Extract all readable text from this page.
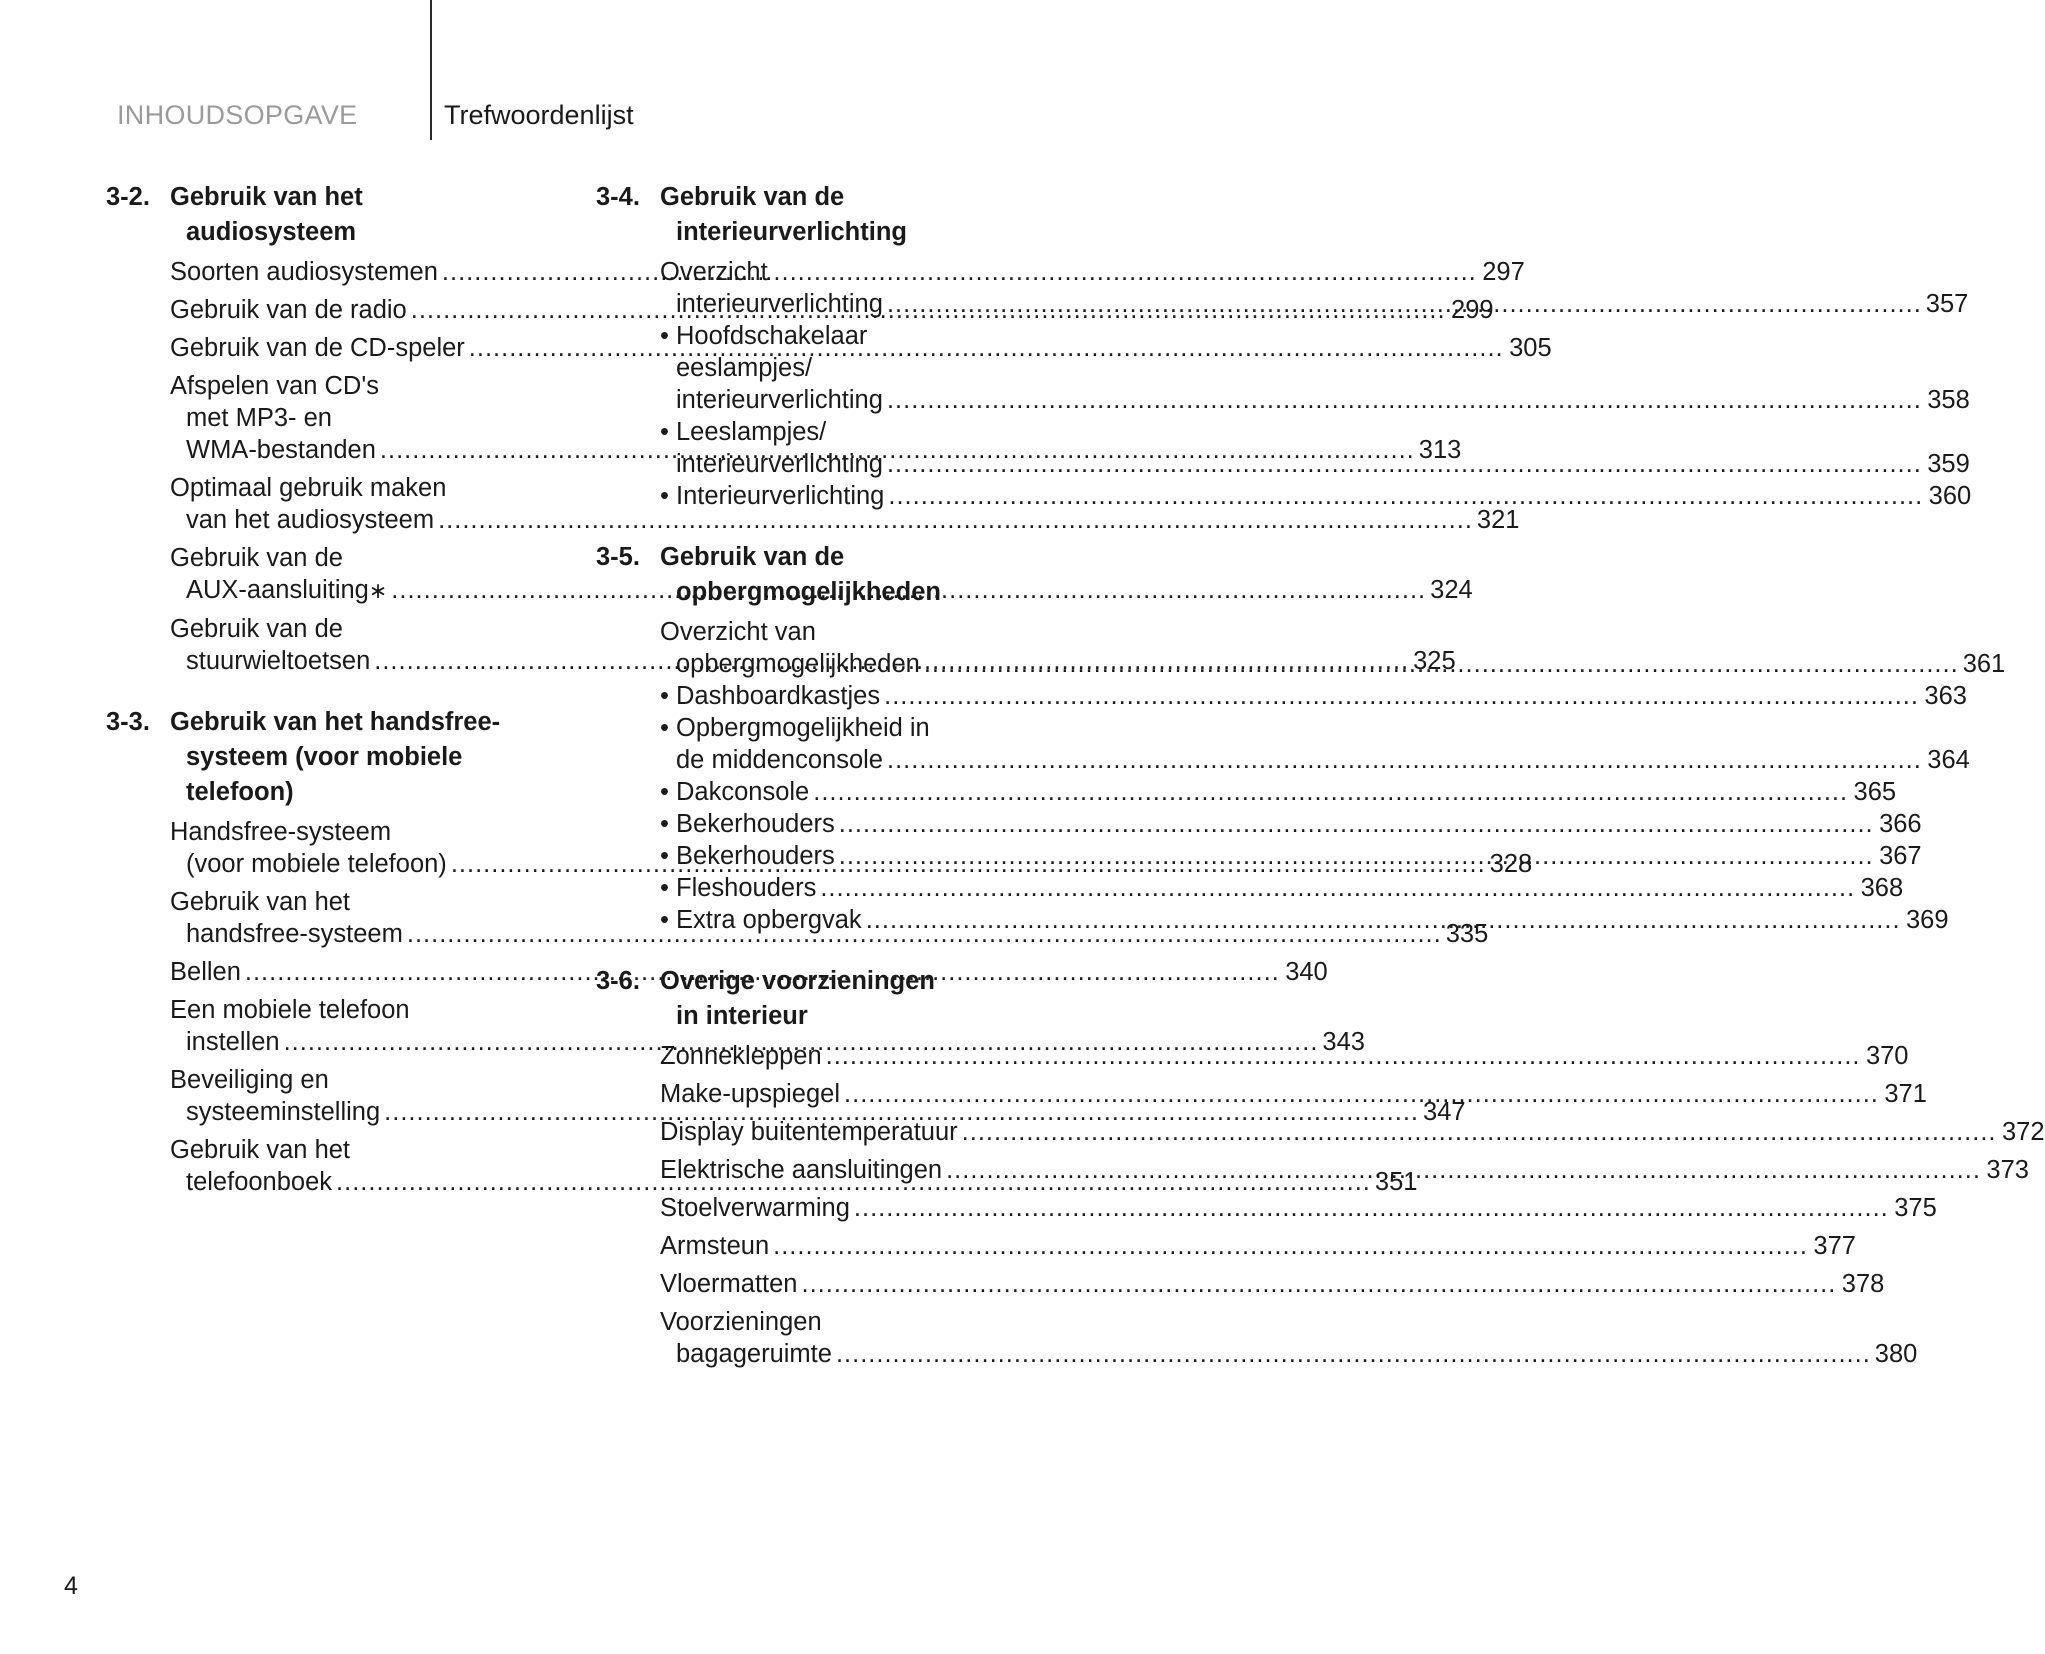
INHOUDSOPGAVE	Trefwoordenlijst
3-2. Gebruik van het
audiosysteem
Soorten audiosystemen .....	297
Gebruik van de radio .....	299
Gebruik van de CD-speler .....	305
Afspelen van CD's
met MP3- en
WMA-bestanden .....	313
Optimaal gebruik maken
van het audiosysteem .....	321
Gebruik van de
AUX-aansluiting∗ .....	324
Gebruik van de
stuurwieltoetsen .....	325
3-3. Gebruik van het handsfree-
systeem (voor mobiele
telefoon)
Handsfree-systeem
(voor mobiele telefoon) .....	328
Gebruik van het
handsfree-systeem .....	335
Bellen .....	340
Een mobiele telefoon
instellen .....	343
Beveiliging en
systeeminstelling .....	347
Gebruik van het
telefoonboek .....	351
3-4. Gebruik van de
interieurverlichting
Overzicht
interieurverlichting .....	357
• Hoofdschakelaar
eeslampjes/
interieurverlichting .....	358
• Leeslampjes/
interieurverlichting .....	359
• Interieurverlichting .....	360
3-5. Gebruik van de
opbergmogelijkheden
Overzicht van
opbergmogelijkheden .....	361
• Dashboardkastjes .....	363
• Opbergmogelijkheid in
de middenconsole .....	364
• Dakconsole .....	365
• Bekerhouders .....	366
• Bekerhouders .....	367
• Fleshouders .....	368
• Extra opbergvak .....	369
3-6. Overige voorzieningen
in interieur
Zonnekleppen .....	370
Make-upspiegel .....	371
Display buitentemperatuur .....	372
Elektrische aansluitingen .....	373
Stoelverwarming .....	375
Armsteun .....	377
Vloermatten .....	378
Voorzieningen
bagageruimte .....	380
4
